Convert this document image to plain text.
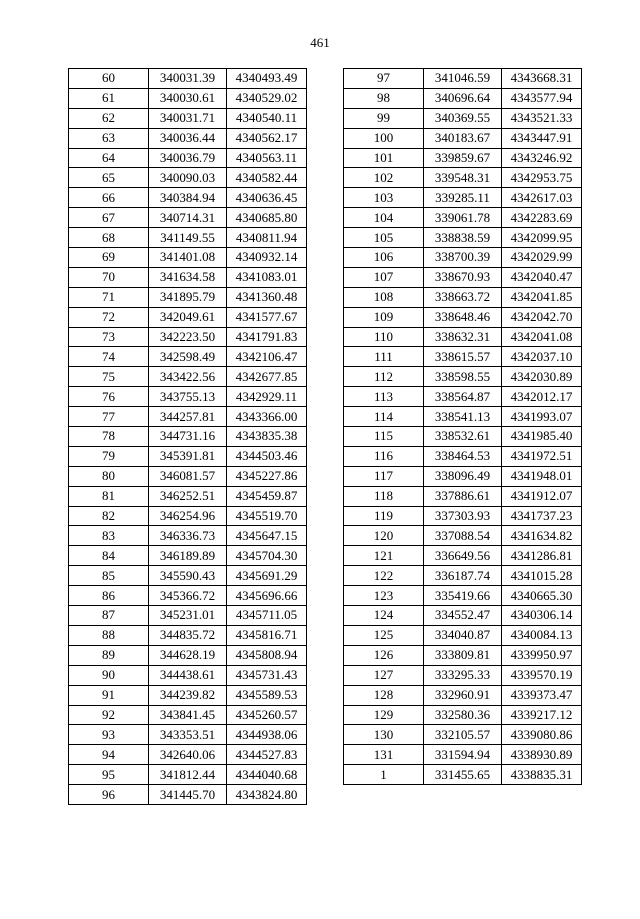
461
60	340031.39	4340493.49
61	340030.61	4340529.02
62	340031.71	4340540.11
63	340036.44	4340562.17
64	340036.79	4340563.11
65	340090.03	4340582.44
66	340384.94	4340636.45
67	340714.31	4340685.80
68	341149.55	4340811.94
69	341401.08	4340932.14
70	341634.58	4341083.01
71	341895.79	4341360.48
72	342049.61	4341577.67
73	342223.50	4341791.83
74	342598.49	4342106.47
75	343422.56	4342677.85
76	343755.13	4342929.11
77	344257.81	4343366.00
78	344731.16	4343835.38
79	345391.81	4344503.46
80	346081.57	4345227.86
81	346252.51	4345459.87
82	346254.96	4345519.70
83	346336.73	4345647.15
84	346189.89	4345704.30
85	345590.43	4345691.29
86	345366.72	4345696.66
87	345231.01	4345711.05
88	344835.72	4345816.71
89	344628.19	4345808.94
90	344438.61	4345731.43
91	344239.82	4345589.53
92	343841.45	4345260.57
93	343353.51	4344938.06
94	342640.06	4344527.83
95	341812.44	4344040.68
96	341445.70	4343824.80
97	341046.59	4343668.31
98	340696.64	4343577.94
99	340369.55	4343521.33
100	340183.67	4343447.91
101	339859.67	4343246.92
102	339548.31	4342953.75
103	339285.11	4342617.03
104	339061.78	4342283.69
105	338838.59	4342099.95
106	338700.39	4342029.99
107	338670.93	4342040.47
108	338663.72	4342041.85
109	338648.46	4342042.70
110	338632.31	4342041.08
111	338615.57	4342037.10
112	338598.55	4342030.89
113	338564.87	4342012.17
114	338541.13	4341993.07
115	338532.61	4341985.40
116	338464.53	4341972.51
117	338096.49	4341948.01
118	337886.61	4341912.07
119	337303.93	4341737.23
120	337088.54	4341634.82
121	336649.56	4341286.81
122	336187.74	4341015.28
123	335419.66	4340665.30
124	334552.47	4340306.14
125	334040.87	4340084.13
126	333809.81	4339950.97
127	333295.33	4339570.19
128	332960.91	4339373.47
129	332580.36	4339217.12
130	332105.57	4339080.86
131	331594.94	4338930.89
1	331455.65	4338835.31
